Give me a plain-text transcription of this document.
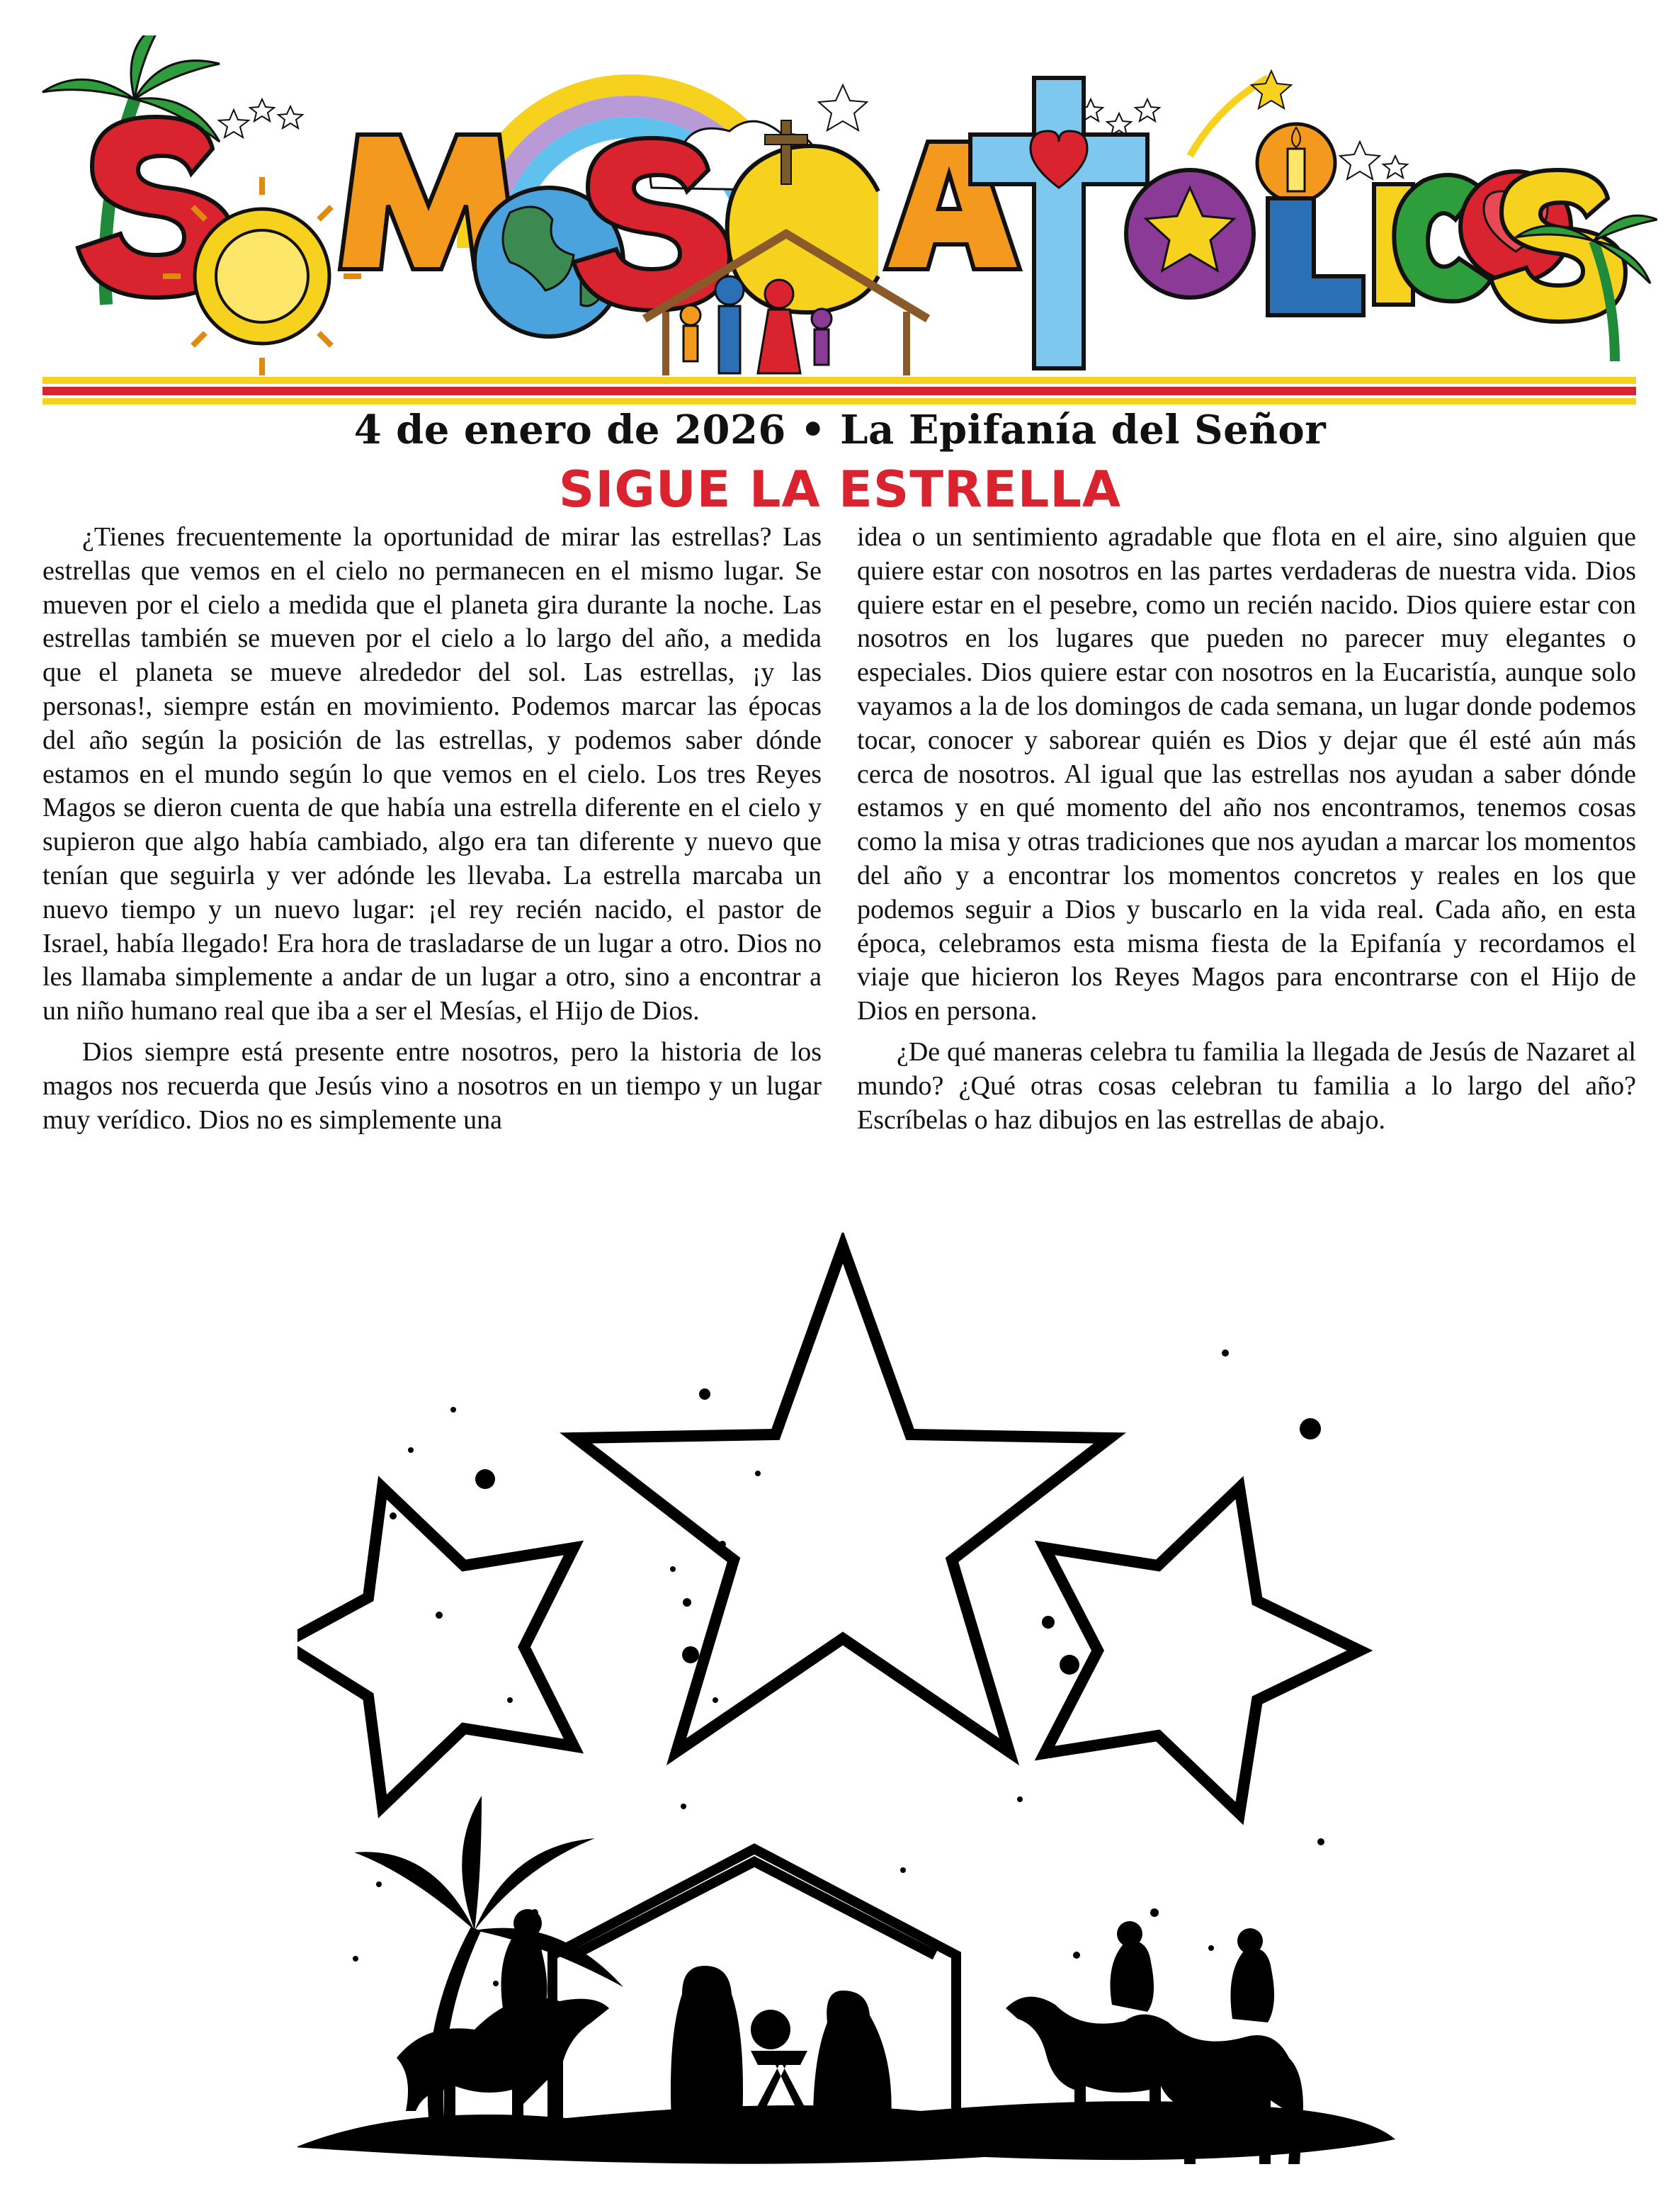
4 de enero de 2026 • La Epifanía del Señor
SIGUE LA ESTRELLA

¿Tienes frecuentemente la oportunidad de mirar las estrellas? Las estrellas que vemos en el cielo no permanecen en el mismo lugar. Se mueven por el cielo a medida que el planeta gira durante la noche. Las estrellas también se mueven por el cielo a lo largo del año, a medida que el planeta se mueve alrededor del sol. Las estrellas, ¡y las personas!, siempre están en movimiento. Podemos marcar las épocas del año según la posición de las estrellas, y podemos saber dónde estamos en el mundo según lo que vemos en el cielo. Los tres Reyes Magos se dieron cuenta de que había una estrella diferente en el cielo y supieron que algo había cambiado, algo era tan diferente y nuevo que tenían que seguirla y ver adónde les llevaba. La estrella marcaba un nuevo tiempo y un nuevo lugar: ¡el rey recién nacido, el pastor de Israel, había llegado! Era hora de trasladarse de un lugar a otro. Dios no les llamaba simplemente a andar de un lugar a otro, sino a encontrar a un niño humano real que iba a ser el Mesías, el Hijo de Dios.

Dios siempre está presente entre nosotros, pero la historia de los magos nos recuerda que Jesús vino a nosotros en un tiempo y un lugar muy verídico. Dios no es simplemente una

idea o un sentimiento agradable que flota en el aire, sino alguien que quiere estar con nosotros en las partes verdaderas de nuestra vida. Dios quiere estar en el pesebre, como un recién nacido. Dios quiere estar con nosotros en los lugares que pueden no parecer muy elegantes o especiales. Dios quiere estar con nosotros en la Eucaristía, aunque solo vayamos a la de los domingos de cada semana, un lugar donde podemos tocar, conocer y saborear quién es Dios y dejar que él esté aún más cerca de nosotros. Al igual que las estrellas nos ayudan a saber dónde estamos y en qué momento del año nos encontramos, tenemos cosas como la misa y otras tradiciones que nos ayudan a marcar los momentos del año y a encontrar los momentos concretos y reales en los que podemos seguir a Dios y buscarlo en la vida real. Cada año, en esta época, celebramos esta misma fiesta de la Epifanía y recordamos el viaje que hicieron los Reyes Magos para encontrarse con el Hijo de Dios en persona.

¿De qué maneras celebra tu familia la llegada de Jesús de Nazaret al mundo? ¿Qué otras cosas celebran tu familia a lo largo del año? Escríbelas o haz dibujos en las estrellas de abajo.
